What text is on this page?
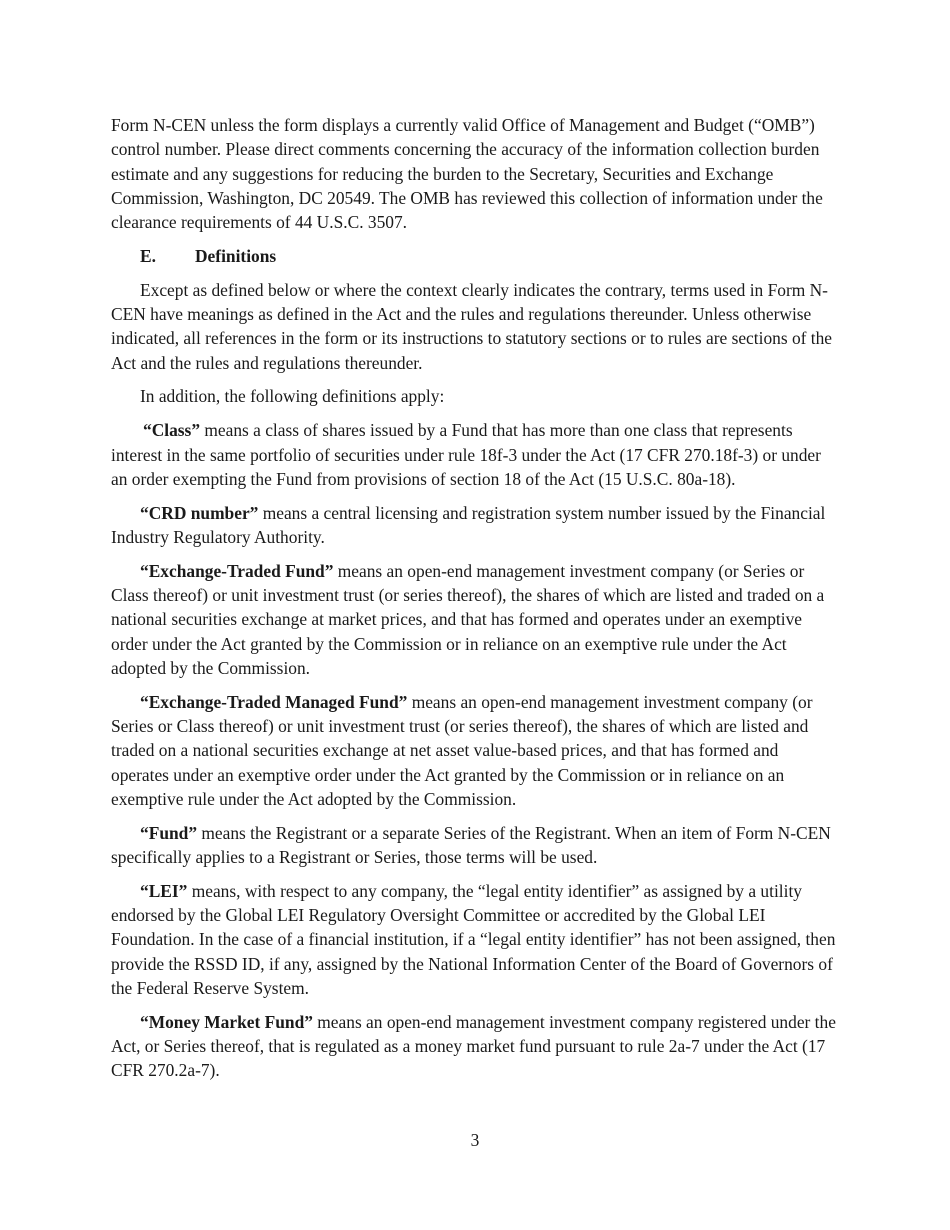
Form N-CEN unless the form displays a currently valid Office of Management and Budget (“OMB”) control number. Please direct comments concerning the accuracy of the information collection burden estimate and any suggestions for reducing the burden to the Secretary, Securities and Exchange Commission, Washington, DC 20549. The OMB has reviewed this collection of information under the clearance requirements of 44 U.S.C. 3507.

E. Definitions

Except as defined below or where the context clearly indicates the contrary, terms used in Form N-CEN have meanings as defined in the Act and the rules and regulations thereunder. Unless otherwise indicated, all references in the form or its instructions to statutory sections or to rules are sections of the Act and the rules and regulations thereunder.

In addition, the following definitions apply:

“Class” means a class of shares issued by a Fund that has more than one class that represents interest in the same portfolio of securities under rule 18f-3 under the Act (17 CFR 270.18f-3) or under an order exempting the Fund from provisions of section 18 of the Act (15 U.S.C. 80a-18).

“CRD number” means a central licensing and registration system number issued by the Financial Industry Regulatory Authority.

“Exchange-Traded Fund” means an open-end management investment company (or Series or Class thereof) or unit investment trust (or series thereof), the shares of which are listed and traded on a national securities exchange at market prices, and that has formed and operates under an exemptive order under the Act granted by the Commission or in reliance on an exemptive rule under the Act adopted by the Commission.

“Exchange-Traded Managed Fund” means an open-end management investment company (or Series or Class thereof) or unit investment trust (or series thereof), the shares of which are listed and traded on a national securities exchange at net asset value-based prices, and that has formed and operates under an exemptive order under the Act granted by the Commission or in reliance on an exemptive rule under the Act adopted by the Commission.

“Fund” means the Registrant or a separate Series of the Registrant. When an item of Form N-CEN specifically applies to a Registrant or Series, those terms will be used.

“LEI” means, with respect to any company, the “legal entity identifier” as assigned by a utility endorsed by the Global LEI Regulatory Oversight Committee or accredited by the Global LEI Foundation. In the case of a financial institution, if a “legal entity identifier” has not been assigned, then provide the RSSD ID, if any, assigned by the National Information Center of the Board of Governors of the Federal Reserve System.

“Money Market Fund” means an open-end management investment company registered under the Act, or Series thereof, that is regulated as a money market fund pursuant to rule 2a-7 under the Act (17 CFR 270.2a-7).

3
